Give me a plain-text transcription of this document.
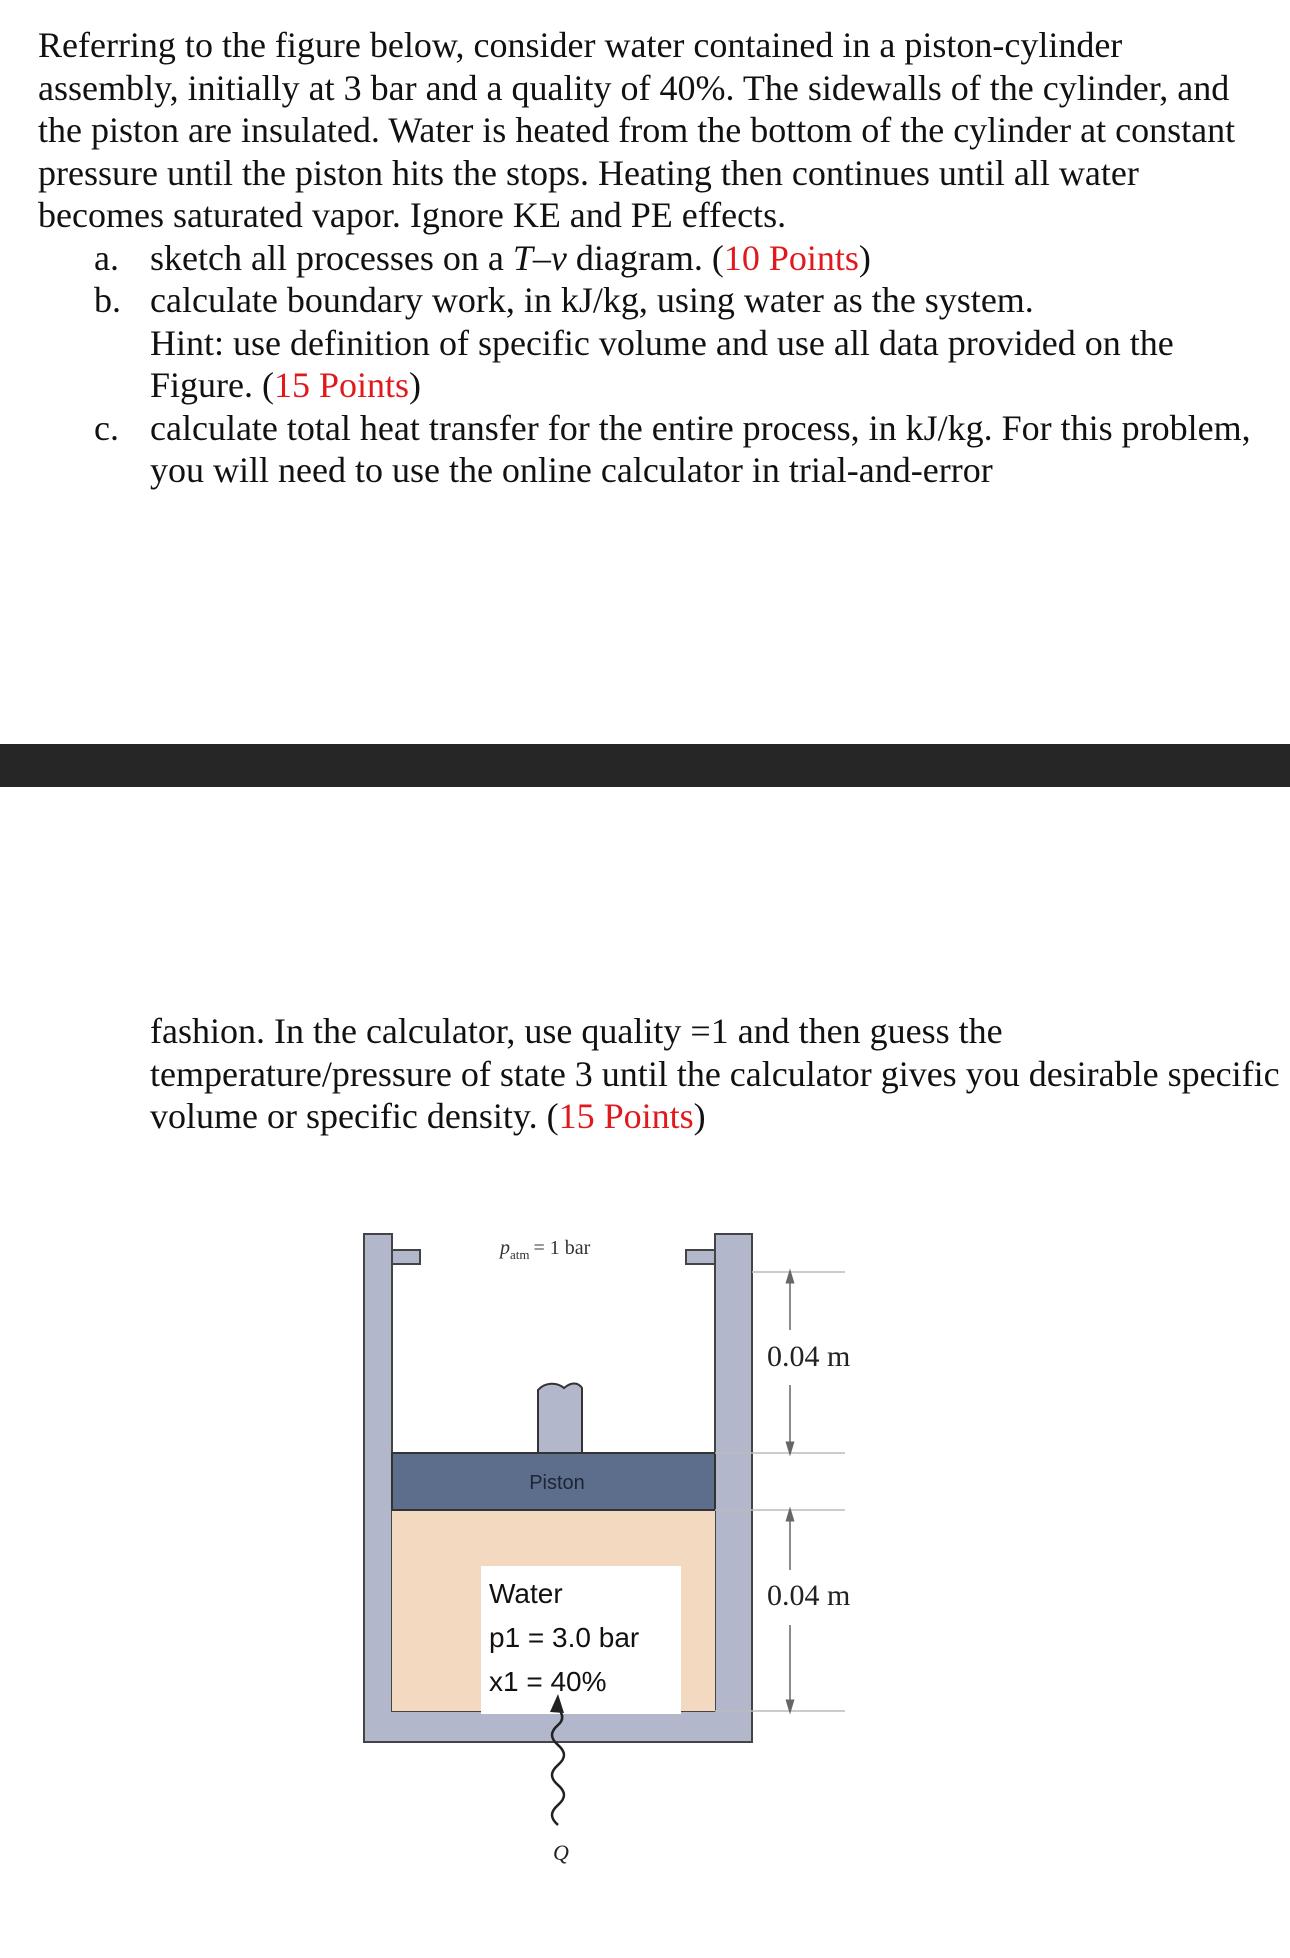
Referring to the figure below, consider water contained in a piston-cylinder assembly, initially at 3 bar and a quality of 40%. The sidewalls of the cylinder, and the piston are insulated. Water is heated from the bottom of the cylinder at constant pressure until the piston hits the stops. Heating then continues until all water becomes saturated vapor. Ignore KE and PE effects.

a. sketch all processes on a T–v diagram. (10 Points)
b. calculate boundary work, in kJ/kg, using water as the system.
Hint: use definition of specific volume and use all data provided on the Figure. (15 Points)
c. calculate total heat transfer for the entire process, in kJ/kg. For this problem, you will need to use the online calculator in trial-and-error
fashion. In the calculator, use quality =1 and then guess the temperature/pressure of state 3 until the calculator gives you desirable specific volume or specific density. (15 Points)
$p_{atm} = 1$ bar
Piston
Water
p1 = 3.0 bar
x1 = 40%
0.04 m
0.04 m
Q
